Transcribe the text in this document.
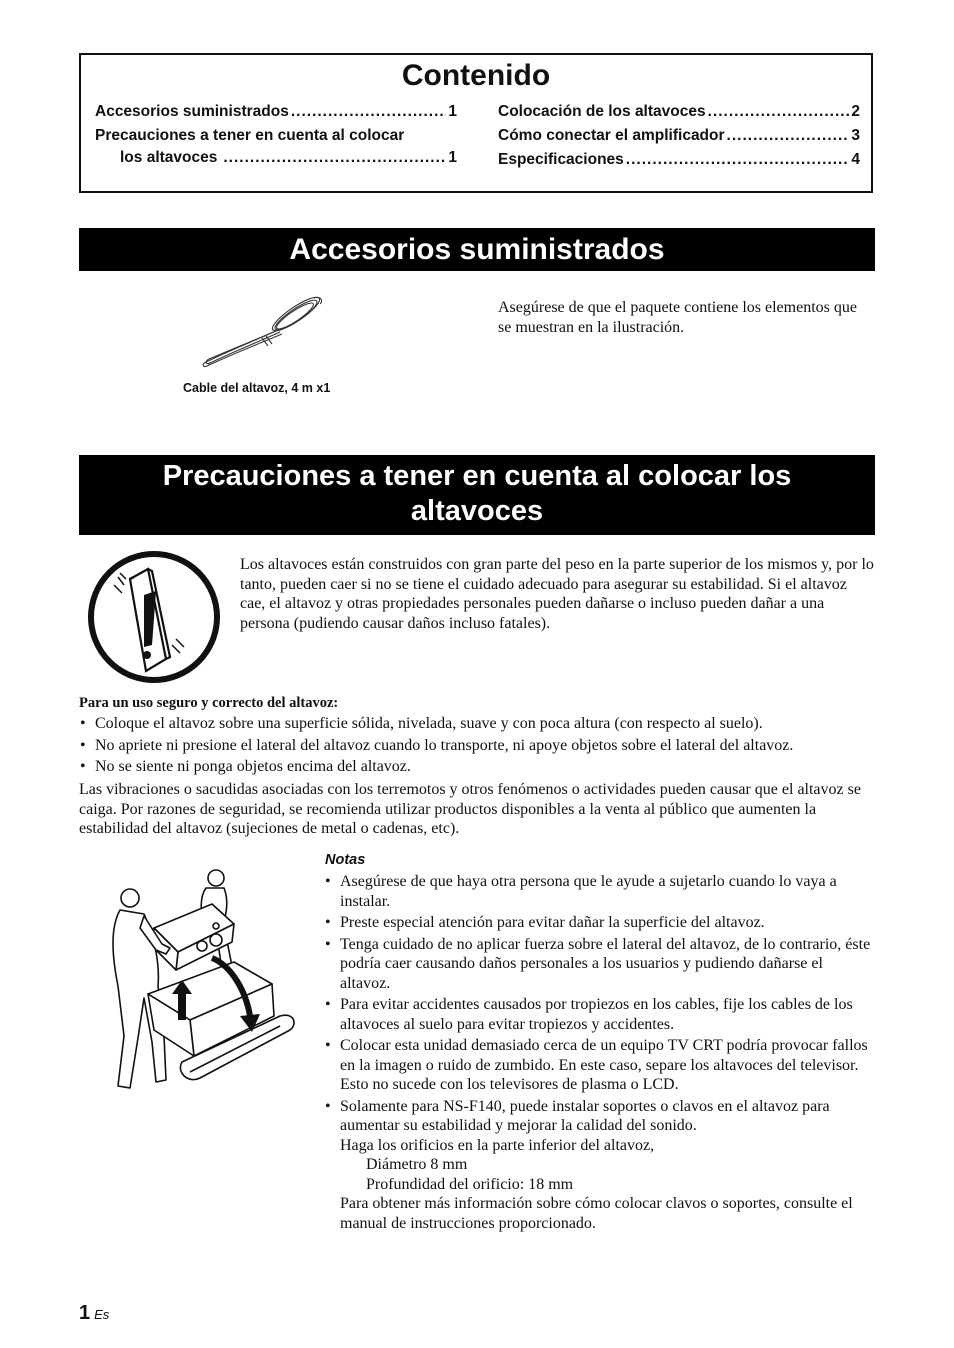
Contenido
Accesorios suministrados .....	1
Precauciones a tener en cuenta al colocar
los altavoces .....	1
Colocación de los altavoces .....	2
Cómo conectar el amplificador .....	3
Especificaciones .....	4
Accesorios suministrados
Cable del altavoz, 4 m x1
Asegúrese de que el paquete contiene los elementos que se muestran en la ilustración.
Precauciones a tener en cuenta al colocar los
altavoces
Los altavoces están construidos con gran parte del peso en la parte superior de los mismos y, por lo tanto, pueden caer si no se tiene el cuidado adecuado para asegurar su estabilidad. Si el altavoz cae, el altavoz y otras propiedades personales pueden dañarse o incluso pueden dañar a una persona (pudiendo causar daños incluso fatales).
Para un uso seguro y correcto del altavoz:
• Coloque el altavoz sobre una superficie sólida, nivelada, suave y con poca altura (con respecto al suelo).
• No apriete ni presione el lateral del altavoz cuando lo transporte, ni apoye objetos sobre el lateral del altavoz.
• No se siente ni ponga objetos encima del altavoz.
Las vibraciones o sacudidas asociadas con los terremotos y otros fenómenos o actividades pueden causar que el altavoz se caiga. Por razones de seguridad, se recomienda utilizar productos disponibles a la venta al público que aumenten la estabilidad del altavoz (sujeciones de metal o cadenas, etc).
Notas
• Asegúrese de que haya otra persona que le ayude a sujetarlo cuando lo vaya a instalar.
• Preste especial atención para evitar dañar la superficie del altavoz.
• Tenga cuidado de no aplicar fuerza sobre el lateral del altavoz, de lo contrario, éste podría caer causando daños personales a los usuarios y pudiendo dañarse el altavoz.
• Para evitar accidentes causados por tropiezos en los cables, fije los cables de los altavoces al suelo para evitar tropiezos y accidentes.
• Colocar esta unidad demasiado cerca de un equipo TV CRT podría provocar fallos en la imagen o ruido de zumbido. En este caso, separe los altavoces del televisor. Esto no sucede con los televisores de plasma o LCD.
• Solamente para NS-F140, puede instalar soportes o clavos en el altavoz para aumentar su estabilidad y mejorar la calidad del sonido.
Haga los orificios en la parte inferior del altavoz,
Diámetro 8 mm
Profundidad del orificio: 18 mm
Para obtener más información sobre cómo colocar clavos o soportes, consulte el manual de instrucciones proporcionado.
1 Es
